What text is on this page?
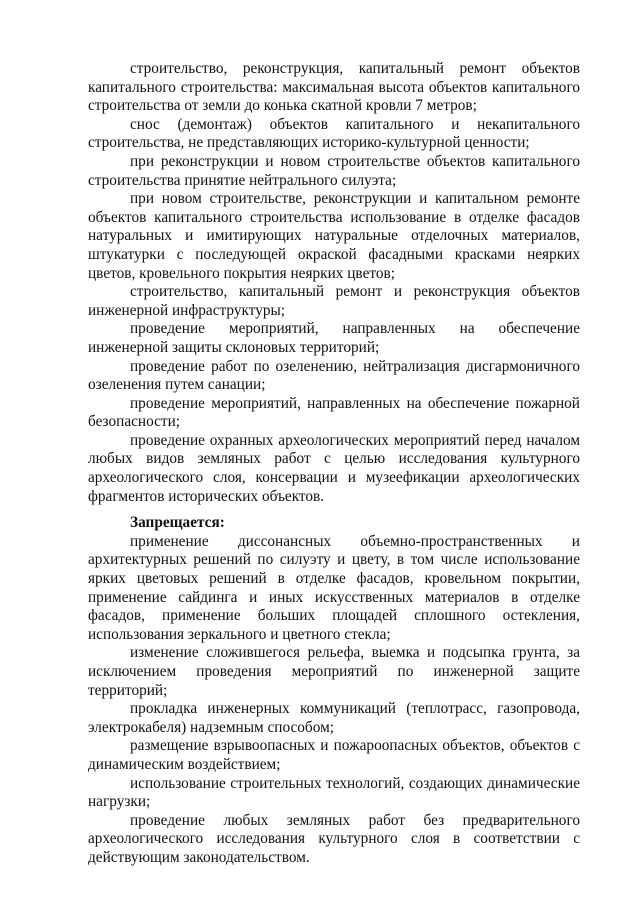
строительство, реконструкция, капитальный ремонт объектов капитального строительства: максимальная высота объектов капитального строительства от земли до конька скатной кровли 7 метров;

снос (демонтаж) объектов капитального и некапитального строительства, не представляющих историко-культурной ценности;

при реконструкции и новом строительстве объектов капитального строительства принятие нейтрального силуэта;

при новом строительстве, реконструкции и капитальном ремонте объектов капитального строительства использование в отделке фасадов натуральных и имитирующих натуральные отделочных материалов, штукатурки с последующей окраской фасадными красками неярких цветов, кровельного покрытия неярких цветов;

строительство, капитальный ремонт и реконструкция объектов инженерной инфраструктуры;

проведение мероприятий, направленных на обеспечение инженерной защиты склоновых территорий;

проведение работ по озеленению, нейтрализация дисгармоничного озеленения путем санации;

проведение мероприятий, направленных на обеспечение пожарной безопасности;

проведение охранных археологических мероприятий перед началом любых видов земляных работ с целью исследования культурного археологического слоя, консервации и музеефикации археологических фрагментов исторических объектов.

Запрещается:

применение диссонансных объемно-пространственных и архитектурных решений по силуэту и цвету, в том числе использование ярких цветовых решений в отделке фасадов, кровельном покрытии, применение сайдинга и иных искусственных материалов в отделке фасадов, применение больших площадей сплошного остекления, использования зеркального и цветного стекла;

изменение сложившегося рельефа, выемка и подсыпка грунта, за исключением проведения мероприятий по инженерной защите территорий;

прокладка инженерных коммуникаций (теплотрасс, газопровода, электрокабеля) надземным способом;

размещение взрывоопасных и пожароопасных объектов, объектов с динамическим воздействием;

использование строительных технологий, создающих динамические нагрузки;

проведение любых земляных работ без предварительного археологического исследования культурного слоя в соответствии с действующим законодательством.
